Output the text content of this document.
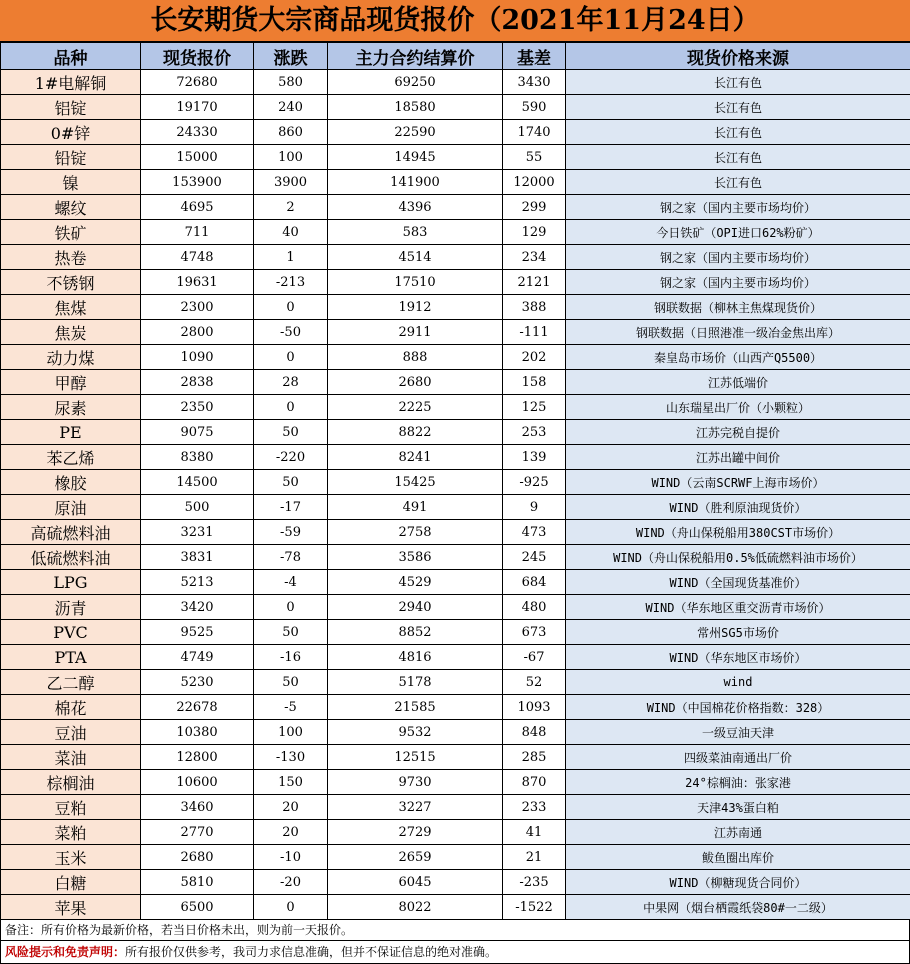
长安期货大宗商品现货报价（2021年11月24日）
品种	现货报价	涨跌	主力合约结算价	基差	现货价格来源
1#电解铜	72680	580	69250	3430	长江有色
铝锭	19170	240	18580	590	长江有色
0#锌	24330	860	22590	1740	长江有色
铅锭	15000	100	14945	55	长江有色
镍	153900	3900	141900	12000	长江有色
螺纹	4695	2	4396	299	钢之家（国内主要市场均价）
铁矿	711	40	583	129	今日铁矿（OPI进口62%粉矿）
热卷	4748	1	4514	234	钢之家（国内主要市场均价）
不锈钢	19631	-213	17510	2121	钢之家（国内主要市场均价）
焦煤	2300	0	1912	388	钢联数据（柳林主焦煤现货价）
焦炭	2800	-50	2911	-111	钢联数据（日照港准一级冶金焦出库）
动力煤	1090	0	888	202	秦皇岛市场价（山西产Q5500）
甲醇	2838	28	2680	158	江苏低端价
尿素	2350	0	2225	125	山东瑞星出厂价（小颗粒）
PE	9075	50	8822	253	江苏完税自提价
苯乙烯	8380	-220	8241	139	江苏出罐中间价
橡胶	14500	50	15425	-925	WIND（云南SCRWF上海市场价）
原油	500	-17	491	9	WIND（胜利原油现货价）
高硫燃料油	3231	-59	2758	473	WIND（舟山保税船用380CST市场价）
低硫燃料油	3831	-78	3586	245	WIND（舟山保税船用0.5%低硫燃料油市场价）
LPG	5213	-4	4529	684	WIND（全国现货基准价）
沥青	3420	0	2940	480	WIND（华东地区重交沥青市场价）
PVC	9525	50	8852	673	常州SG5市场价
PTA	4749	-16	4816	-67	WIND（华东地区市场价）
乙二醇	5230	50	5178	52	wind
棉花	22678	-5	21585	1093	WIND（中国棉花价格指数：328）
豆油	10380	100	9532	848	一级豆油天津
菜油	12800	-130	12515	285	四级菜油南通出厂价
棕榈油	10600	150	9730	870	24°棕榈油：张家港
豆粕	3460	20	3227	233	天津43%蛋白粕
菜粕	2770	20	2729	41	江苏南通
玉米	2680	-10	2659	21	鲅鱼圈出库价
白糖	5810	-20	6045	-235	WIND（柳糖现货合同价）
苹果	6500	0	8022	-1522	中果网（烟台栖霞纸袋80#一二级）
备注：所有价格为最新价格，若当日价格未出，则为前一天报价。
风险提示和免责声明：所有报价仅供参考，我司力求信息准确，但并不保证信息的绝对准确。
